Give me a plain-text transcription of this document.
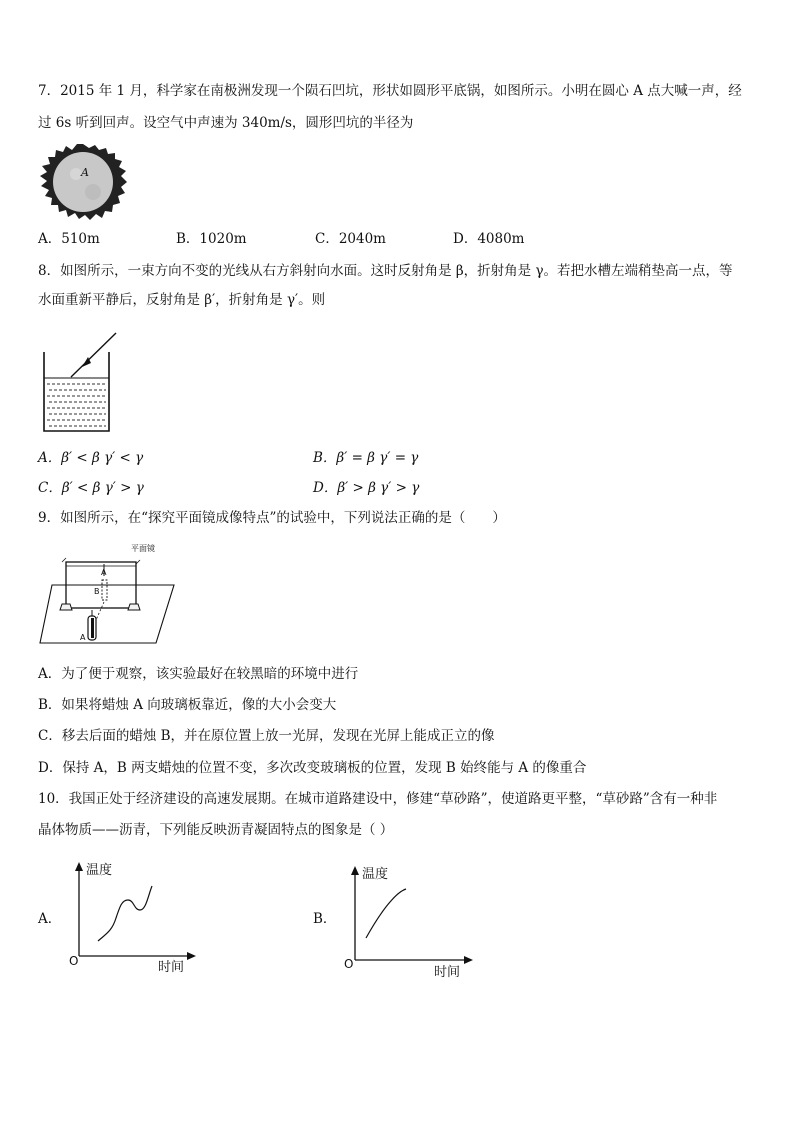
7．2015 年 1 月，科学家在南极洲发现一个陨石凹坑，形状如圆形平底锅，如图所示。小明在圆心 A 点大喊一声，经
过 6s 听到回声。设空气中声速为 340m/s，圆形凹坑的半径为
A
A．510m	B．1020m	C．2040m	D．4080m
8．如图所示，一束方向不变的光线从右方斜射向水面。这时反射角是 β，折射角是 γ。若把水槽左端稍垫高一点，等
水面重新平静后，反射角是 β′，折射角是 γ′。则
A．β′ < β γ′ < γ	B．β′ = β γ′ = γ
C．β′ < β γ′ > γ	D．β′ > β γ′ > γ
9．如图所示，在“探究平面镜成像特点”的试验中，下列说法正确的是（　　）
平面镜
A
B
A
A．为了便于观察，该实验最好在较黑暗的环境中进行
B．如果将蜡烛 A 向玻璃板靠近，像的大小会变大
C．移去后面的蜡烛 B，并在原位置上放一光屏，发现在光屏上能成正立的像
D．保持 A，B 两支蜡烛的位置不变，多次改变玻璃板的位置，发现 B 始终能与 A 的像重合
10．我国正处于经济建设的高速发展期。在城市道路建设中，修建“草砂路”，使道路更平整，“草砂路”含有一种非
晶体物质——沥青，下列能反映沥青凝固特点的图象是（ ）
A．
温度
时间
O
B．
温度
时间
O
